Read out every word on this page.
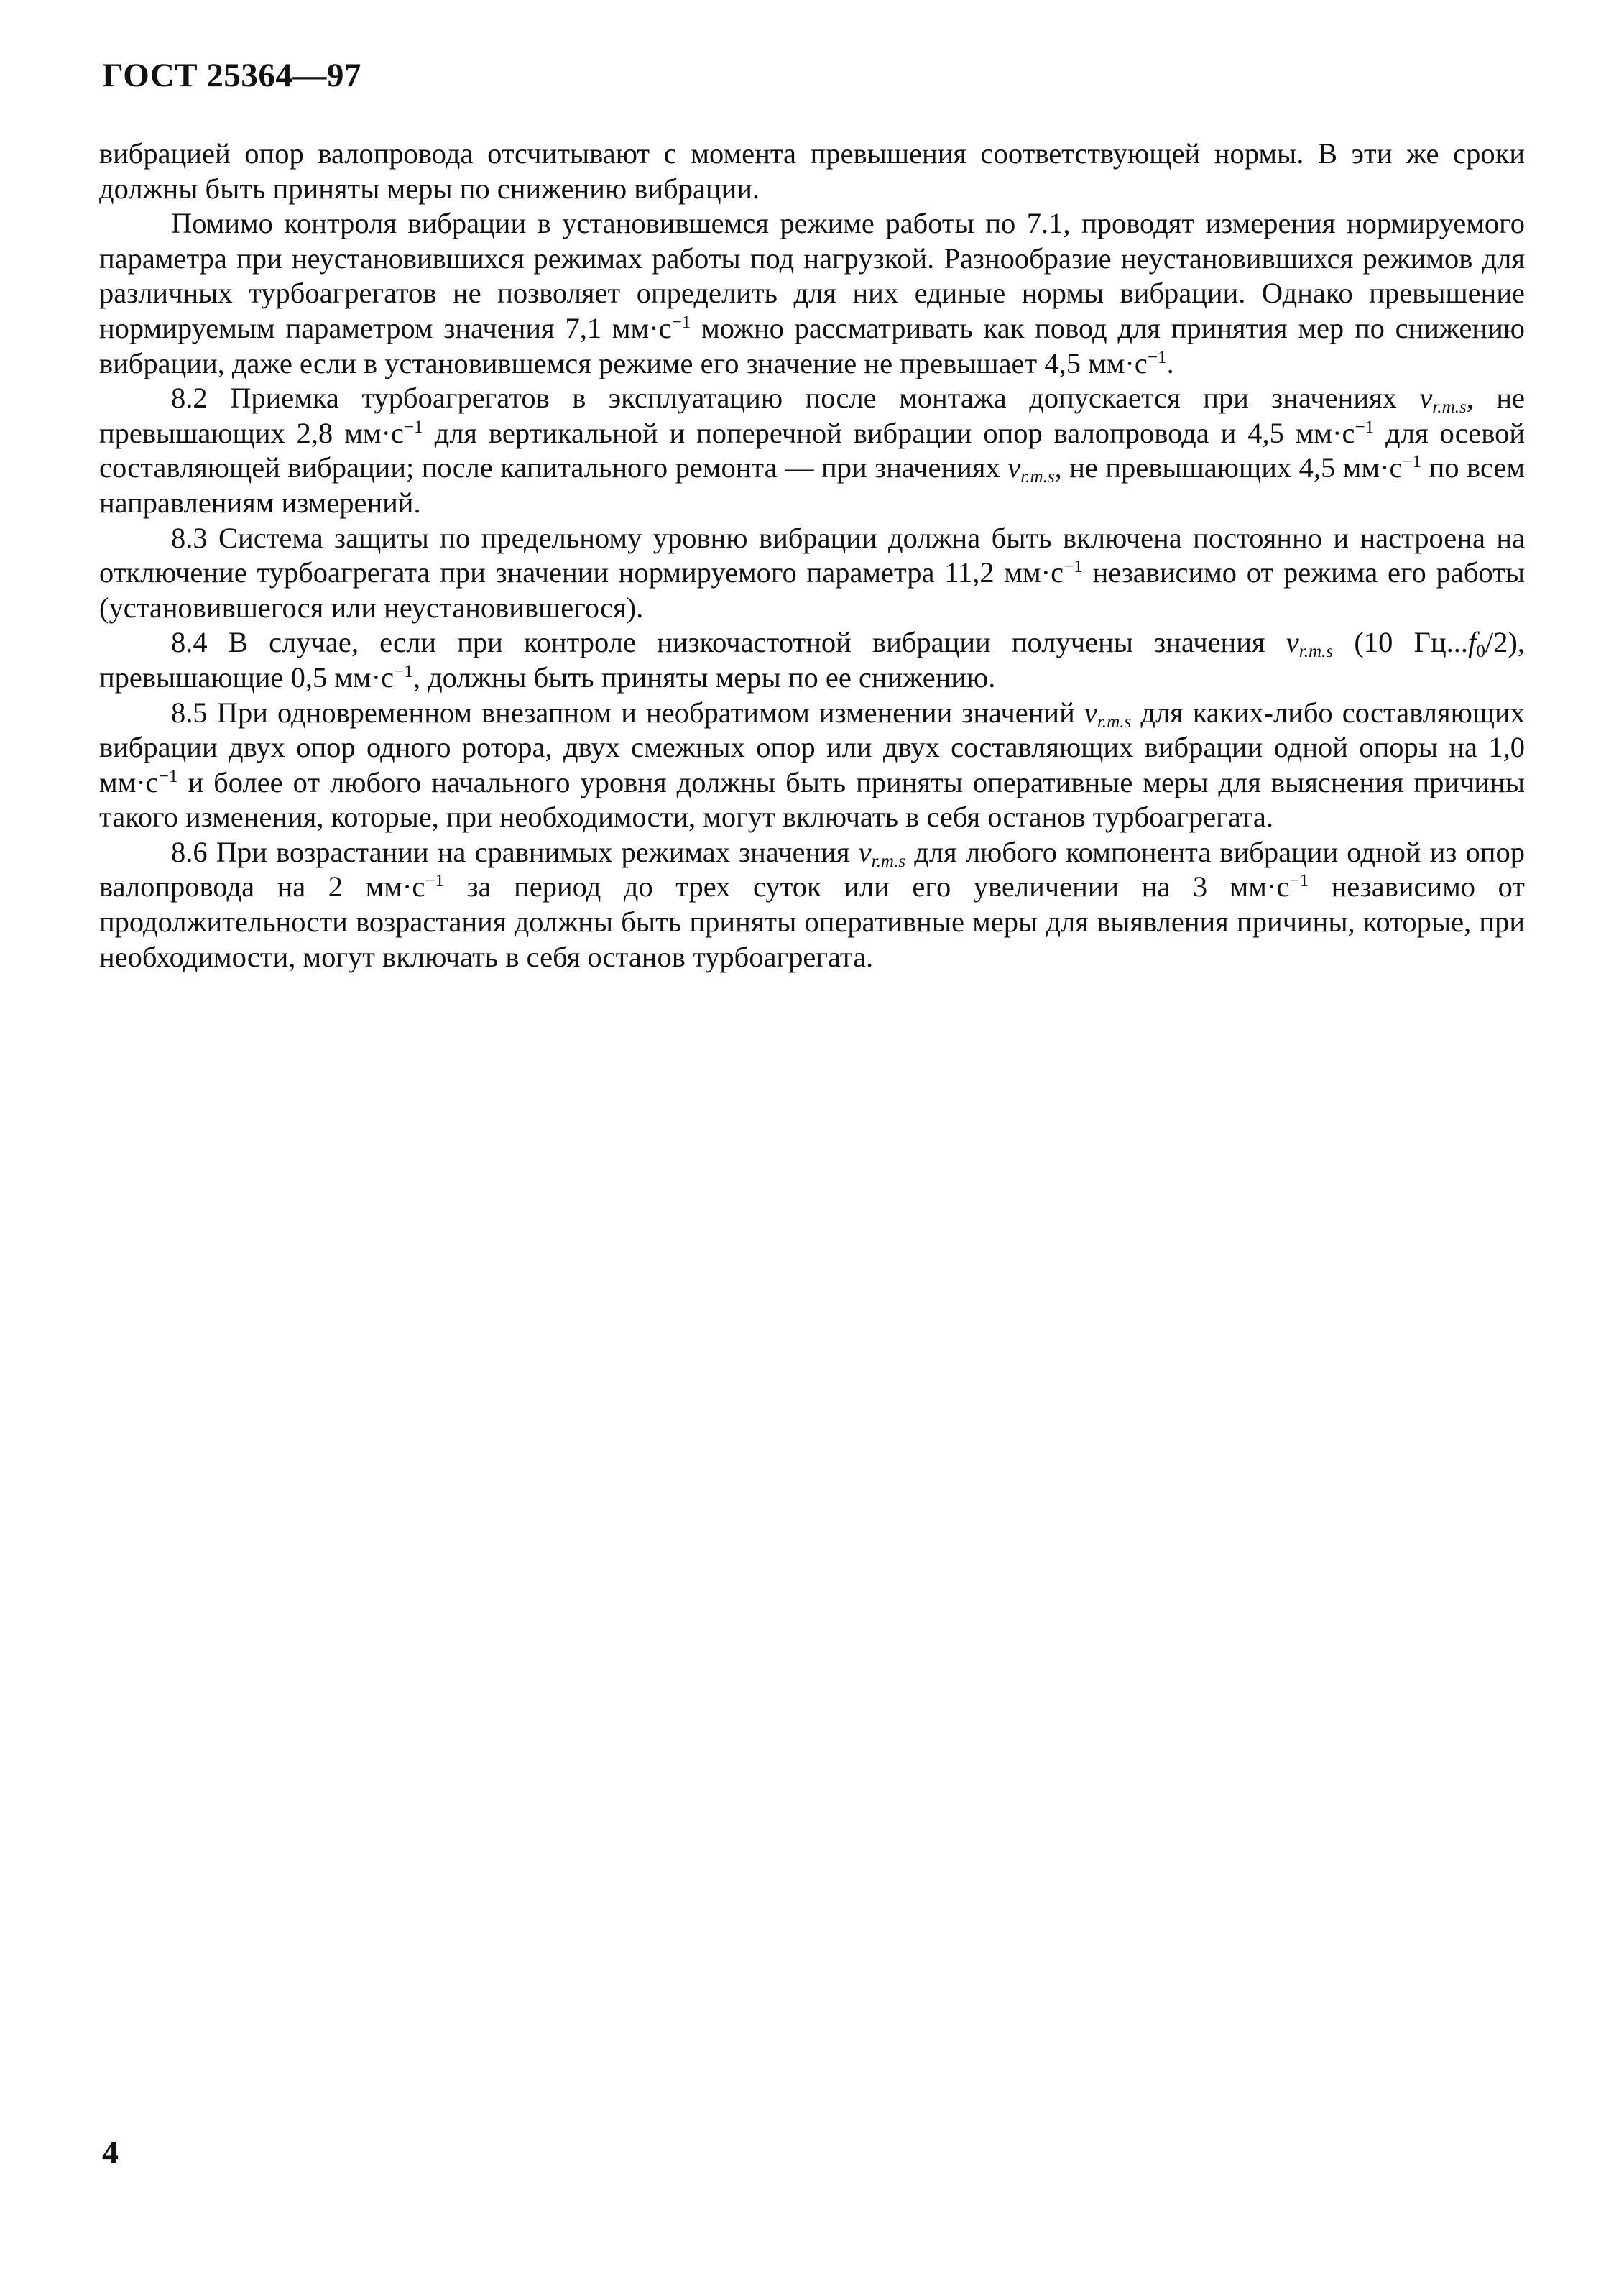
ГОСТ 25364—97

вибрацией опор валопровода отсчитывают с момента превышения соответствующей нормы. В эти же сроки должны быть приняты меры по снижению вибрации.

Помимо контроля вибрации в установившемся режиме работы по 7.1, проводят измерения нормируемого параметра при неустановившихся режимах работы под нагрузкой. Разнообразие неустановившихся режимов для различных турбоагрегатов не позволяет определить для них единые нормы вибрации. Однако превышение нормируемым параметром значения 7,1 $мм\cdot с^{-1}$ можно рассматривать как повод для принятия мер по снижению вибрации, даже если в установившемся режиме его значение не превышает 4,5 $мм\cdot с^{-1}$.

8.2 Приемка турбоагрегатов в эксплуатацию после монтажа допускается при значениях $v_{r.m.s}$, не превышающих 2,8 $мм\cdot с^{-1}$ для вертикальной и поперечной вибрации опор валопровода и 4,5 $мм\cdot с^{-1}$ для осевой составляющей вибрации; после капитального ремонта — при значениях $v_{r.m.s}$, не превышающих 4,5 $мм\cdot с^{-1}$ по всем направлениям измерений.

8.3 Система защиты по предельному уровню вибрации должна быть включена постоянно и настроена на отключение турбоагрегата при значении нормируемого параметра 11,2 $мм\cdot с^{-1}$ независимо от режима его работы (установившегося или неустановившегося).

8.4 В случае, если при контроле низкочастотной вибрации получены значения $v_{r.m.s}$ (10 $Гц...f_0/2$), превышающие 0,5 $мм\cdot с^{-1}$, должны быть приняты меры по ее снижению.

8.5 При одновременном внезапном и необратимом изменении значений $v_{r.m.s}$ для каких-либо составляющих вибрации двух опор одного ротора, двух смежных опор или двух составляющих вибрации одной опоры на 1,0 $мм\cdot с^{-1}$ и более от любого начального уровня должны быть приняты оперативные меры для выяснения причины такого изменения, которые, при необходимости, могут включать в себя останов турбоагрегата.

8.6 При возрастании на сравнимых режимах значения $v_{r.m.s}$ для любого компонента вибрации одной из опор валопровода на 2 $мм\cdot с^{-1}$ за период до трех суток или его увеличении на 3 $мм\cdot с^{-1}$ независимо от продолжительности возрастания должны быть приняты оперативные меры для выявления причины, которые, при необходимости, могут включать в себя останов турбоагрегата.

4
